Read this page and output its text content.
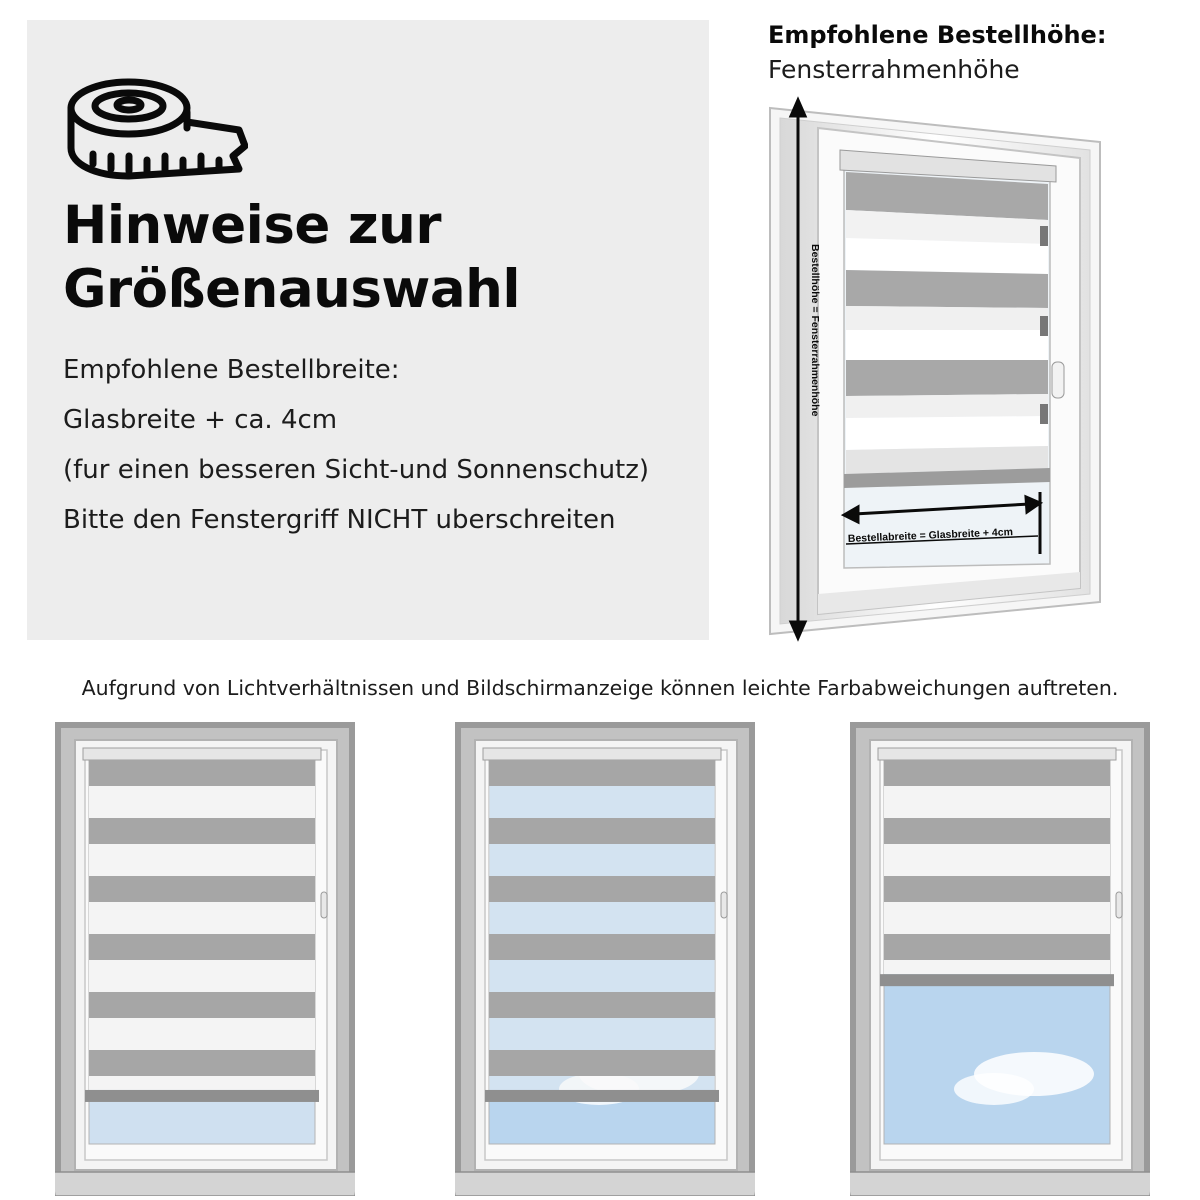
Hinweise zur
Größenauswahl

Empfohlene Bestellbreite:

Glasbreite + ca. 4cm

(fur einen besseren Sicht-und Sonnenschutz)

Bitte den Fenstergriff NICHT uberschreiten

Empfohlene Bestellhöhe:

Fensterrahmenhöhe

Bestellhöhe = Fensterrahmenhöhe
Bestellabreite = Glasbreite + 4cm

Aufgrund von Lichtverhältnissen und Bildschirmanzeige können leichte Farbabweichungen auftreten.
